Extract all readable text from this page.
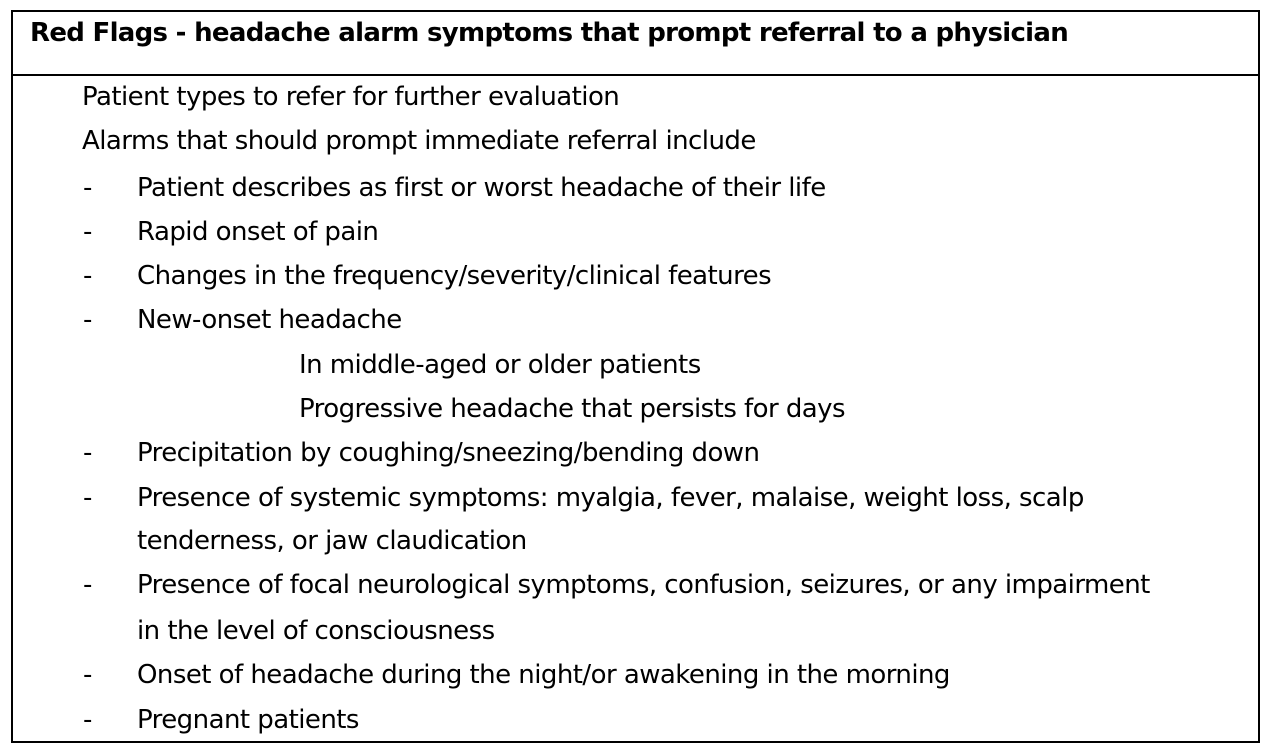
Red Flags - headache alarm symptoms that prompt referral to a physician
Patient types to refer for further evaluation
Alarms that should prompt immediate referral include
- Patient describes as first or worst headache of their life
- Rapid onset of pain
- Changes in the frequency/severity/clinical features
- New-onset headache
In middle-aged or older patients
Progressive headache that persists for days
- Precipitation by coughing/sneezing/bending down
- Presence of systemic symptoms: myalgia, fever, malaise, weight loss, scalp
tenderness, or jaw claudication
- Presence of focal neurological symptoms, confusion, seizures, or any impairment
in the level of consciousness
- Onset of headache during the night/or awakening in the morning
- Pregnant patients
